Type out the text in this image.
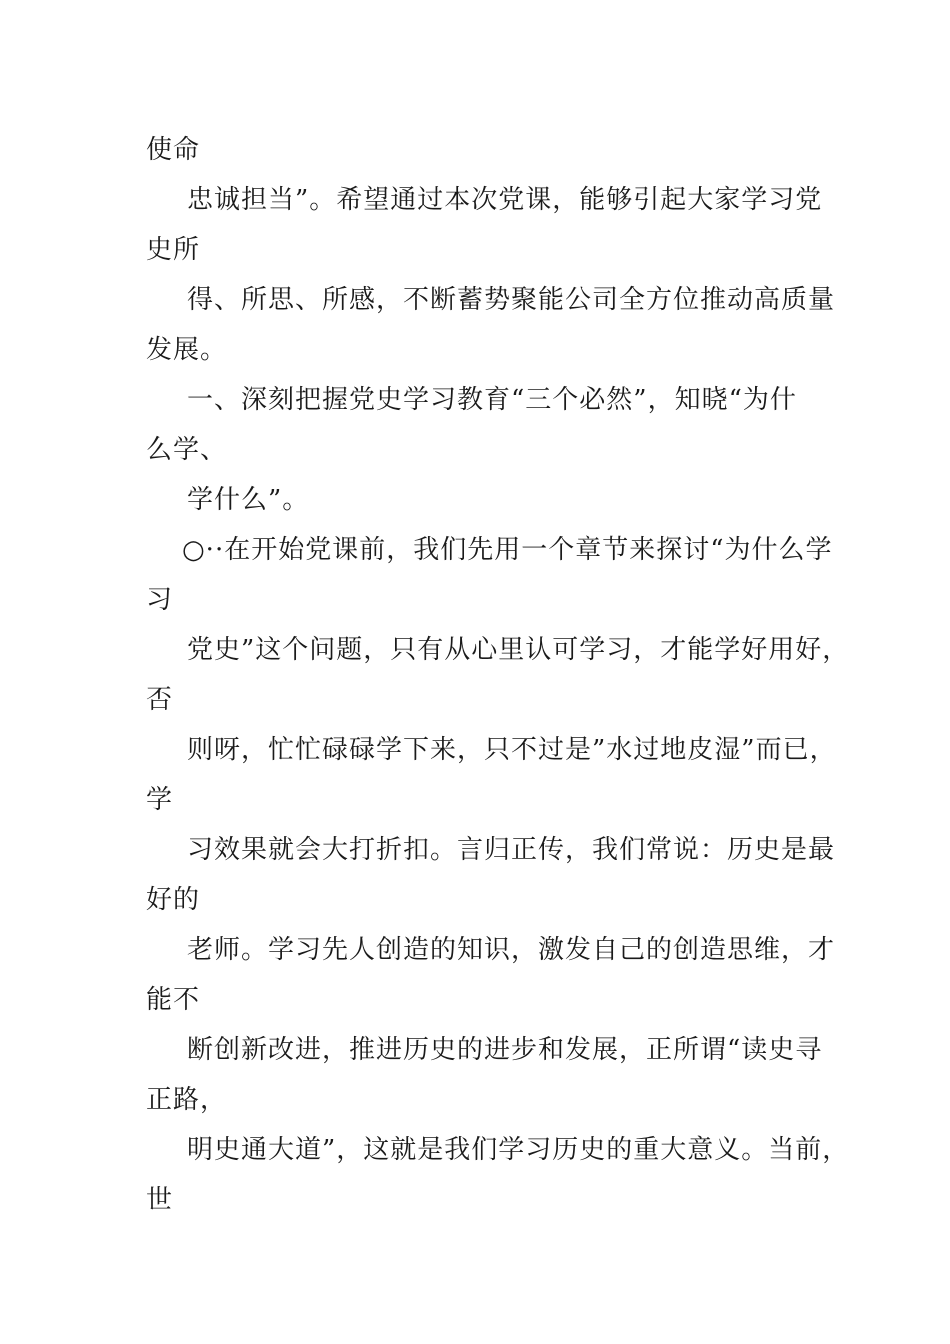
使命
忠诚担当”。希望通过本次党课，能够引起大家学习党
史所
得、所思、所感，不断蓄势聚能公司全方位推动高质量
发展。
一、深刻把握党史学习教育“三个必然”，知晓“为什
么学、
学什么”。
○··在开始党课前，我们先用一个章节来探讨“为什么学
习
党史”这个问题，只有从心里认可学习，才能学好用好，
否
则呀，忙忙碌碌学下来，只不过是”水过地皮湿”而已，
学
习效果就会大打折扣。言归正传，我们常说：历史是最
好的
老师。学习先人创造的知识，激发自己的创造思维，才
能不
断创新改进，推进历史的进步和发展，正所谓“读史寻
正路，
明史通大道”，这就是我们学习历史的重大意义。当前，
世
